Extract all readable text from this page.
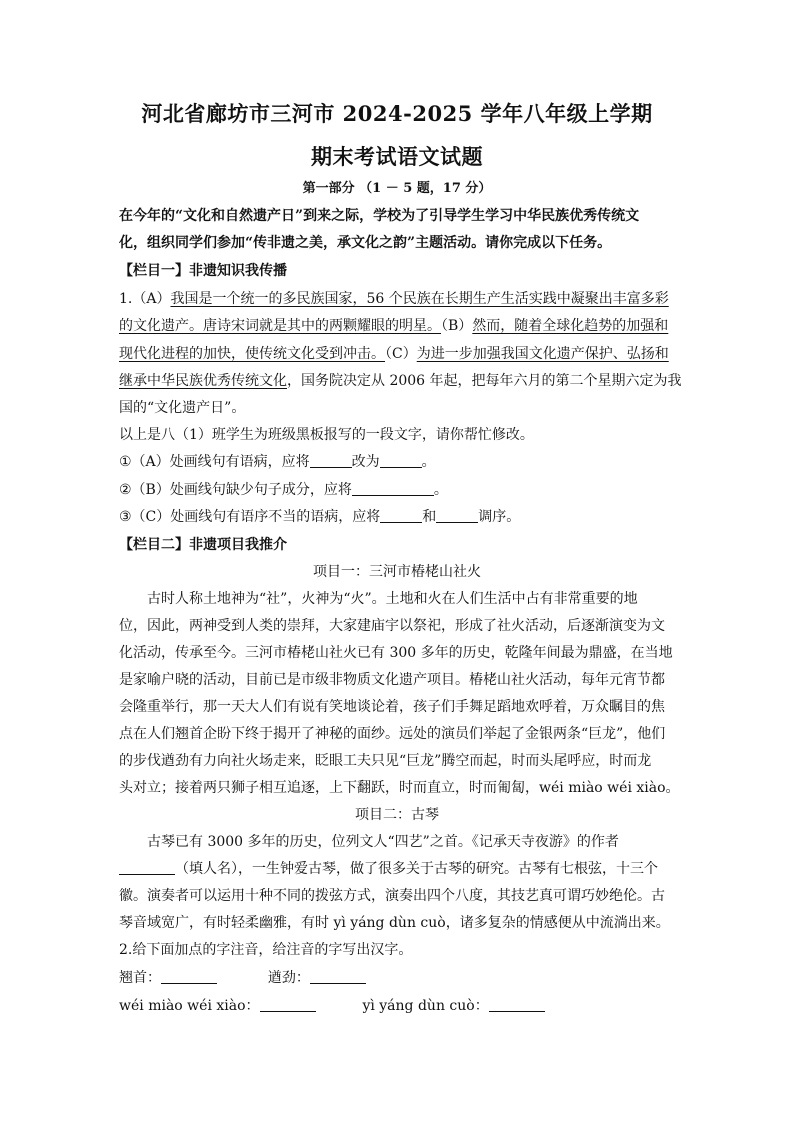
河北省廊坊市三河市 2024-2025 学年八年级上学期
期末考试语文试题
第一部分 （1 － 5 题，17 分）
在今年的“文化和自然遗产日”到来之际，学校为了引导学生学习中华民族优秀传统文
化，组织同学们参加“传非遗之美，承文化之韵”主题活动。请你完成以下任务。
【栏目一】非遗知识我传播
1.（A）我国是一个统一的多民族国家，56 个民族在长期生产生活实践中凝聚出丰富多彩
的文化遗产。唐诗宋词就是其中的两颗耀眼的明星。（B）然而，随着全球化趋势的加强和
现代化进程的加快，使传统文化受到冲击。（C）为进一步加强我国文化遗产保护、弘扬和
继承中华民族优秀传统文化，国务院决定从 2006 年起，把每年六月的第二个星期六定为我
国的“文化遗产日”。
以上是八（1）班学生为班级黑板报写的一段文字，请你帮忙修改。
①（A）处画线句有语病，应将	改为	。
②（B）处画线句缺少句子成分，应将	。
③（C）处画线句有语序不当的语病，应将	和	调序。
【栏目二】非遗项目我推介
项目一：三河市椿栳山社火
古时人称土地神为“社”，火神为“火”。土地和火在人们生活中占有非常重要的地
位，因此，两神受到人类的崇拜，大家建庙宇以祭祀，形成了社火活动，后逐渐演变为文
化活动，传承至今。三河市椿栳山社火已有 300 多年的历史，乾隆年间最为鼎盛，在当地
是家喻户晓的活动，目前已是市级非物质文化遗产项目。椿栳山社火活动，每年元宵节都
会隆重举行，那一天大人们有说有笑地谈论着，孩子们手舞足蹈地欢呼着，万众瞩目的焦
点在人们翘首企盼下终于揭开了神秘的面纱。远处的演员们举起了金银两条“巨龙”，他们
的步伐遒劲有力向社火场走来，眨眼工夫只见“巨龙”腾空而起，时而头尾呼应，时而龙
头对立；接着两只狮子相互追逐，上下翻跃，时而直立，时而匍匐，wéi miào wéi xiào。
项目二：古琴
古琴已有 3000 多年的历史，位列文人“四艺”之首。《记承天寺夜游》的作者
（填人名），一生钟爱古琴，做了很多关于古琴的研究。古琴有七根弦，十三个
徽。演奏者可以运用十种不同的拨弦方式，演奏出四个八度，其技艺真可谓巧妙绝伦。古
琴音域宽广，有时轻柔幽雅，有时 yì yáng dùn cuò，诸多复杂的情感便从中流淌出来。
2.给下面加点的字注音，给注音的字写出汉字。
翘首：	遒劲：
wéi miào wéi xiào：	yì yáng dùn cuò：
